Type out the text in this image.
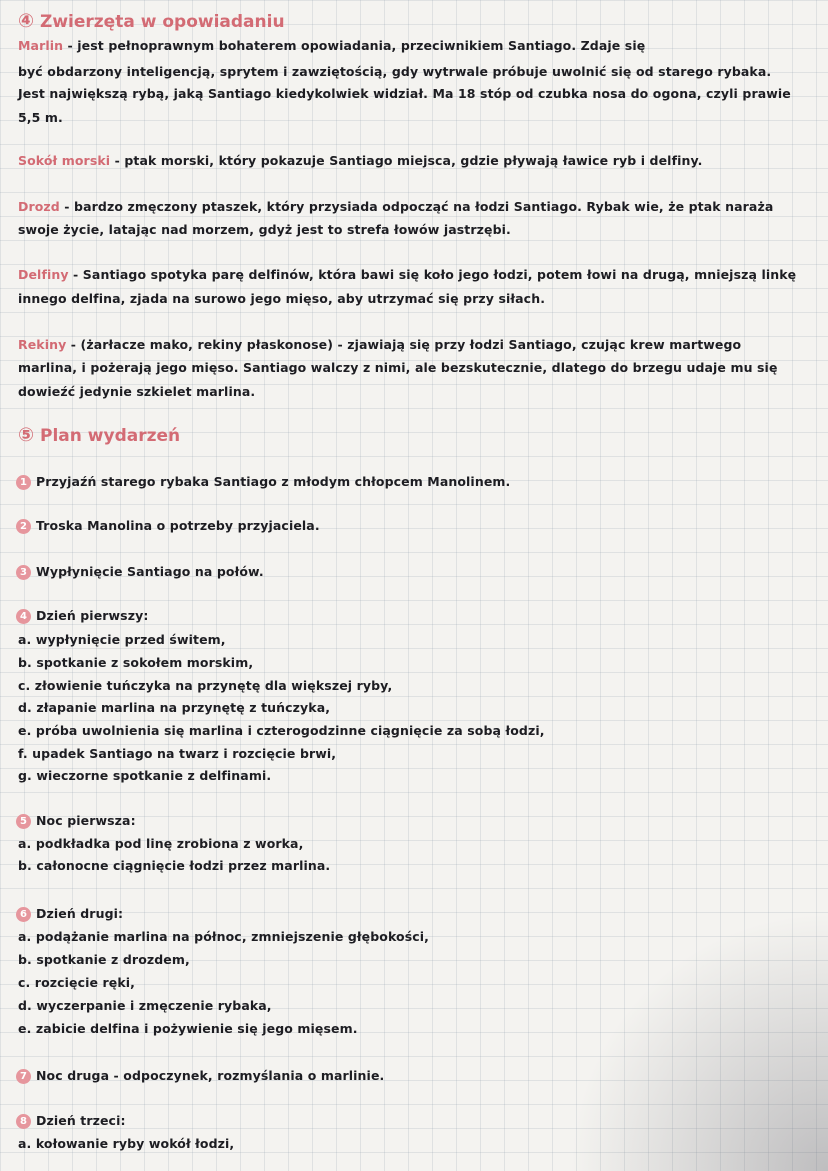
④ Zwierzęta w opowiadaniu
Marlin - jest pełnoprawnym bohaterem opowiadania, przeciwnikiem Santiago. Zdaje się
być obdarzony inteligencją, sprytem i zawziętością, gdy wytrwale próbuje uwolnić się od starego rybaka.
Jest największą rybą, jaką Santiago kiedykolwiek widział. Ma 18 stóp od czubka nosa do ogona, czyli prawie
5,5 m.
Sokół morski - ptak morski, który pokazuje Santiago miejsca, gdzie pływają ławice ryb i delfiny.
Drozd - bardzo zmęczony ptaszek, który przysiada odpocząć na łodzi Santiago. Rybak wie, że ptak naraża
swoje życie, latając nad morzem, gdyż jest to strefa łowów jastrzębi.
Delfiny - Santiago spotyka parę delfinów, która bawi się koło jego łodzi, potem łowi na drugą, mniejszą linkę
innego delfina, zjada na surowo jego mięso, aby utrzymać się przy siłach.
Rekiny - (żarłacze mako, rekiny płaskonose) - zjawiają się przy łodzi Santiago, czując krew martwego
marlina, i pożerają jego mięso. Santiago walczy z nimi, ale bezskutecznie, dlatego do brzegu udaje mu się
dowieźć jedynie szkielet marlina.
⑤ Plan wydarzeń
1 Przyjaźń starego rybaka Santiago z młodym chłopcem Manolinem.
2 Troska Manolina o potrzeby przyjaciela.
3 Wypłynięcie Santiago na połów.
4 Dzień pierwszy:
a. wypłynięcie przed świtem,
b. spotkanie z sokołem morskim,
c. złowienie tuńczyka na przynętę dla większej ryby,
d. złapanie marlina na przynętę z tuńczyka,
e. próba uwolnienia się marlina i czterogodzinne ciągnięcie za sobą łodzi,
f. upadek Santiago na twarz i rozcięcie brwi,
g. wieczorne spotkanie z delfinami.
5 Noc pierwsza:
a. podkładka pod linę zrobiona z worka,
b. całonocne ciągnięcie łodzi przez marlina.
6 Dzień drugi:
a. podążanie marlina na północ, zmniejszenie głębokości,
b. spotkanie z drozdem,
c. rozcięcie ręki,
d. wyczerpanie i zmęczenie rybaka,
e. zabicie delfina i pożywienie się jego mięsem.
7 Noc druga - odpoczynek, rozmyślania o marlinie.
8 Dzień trzeci:
a. kołowanie ryby wokół łodzi,
